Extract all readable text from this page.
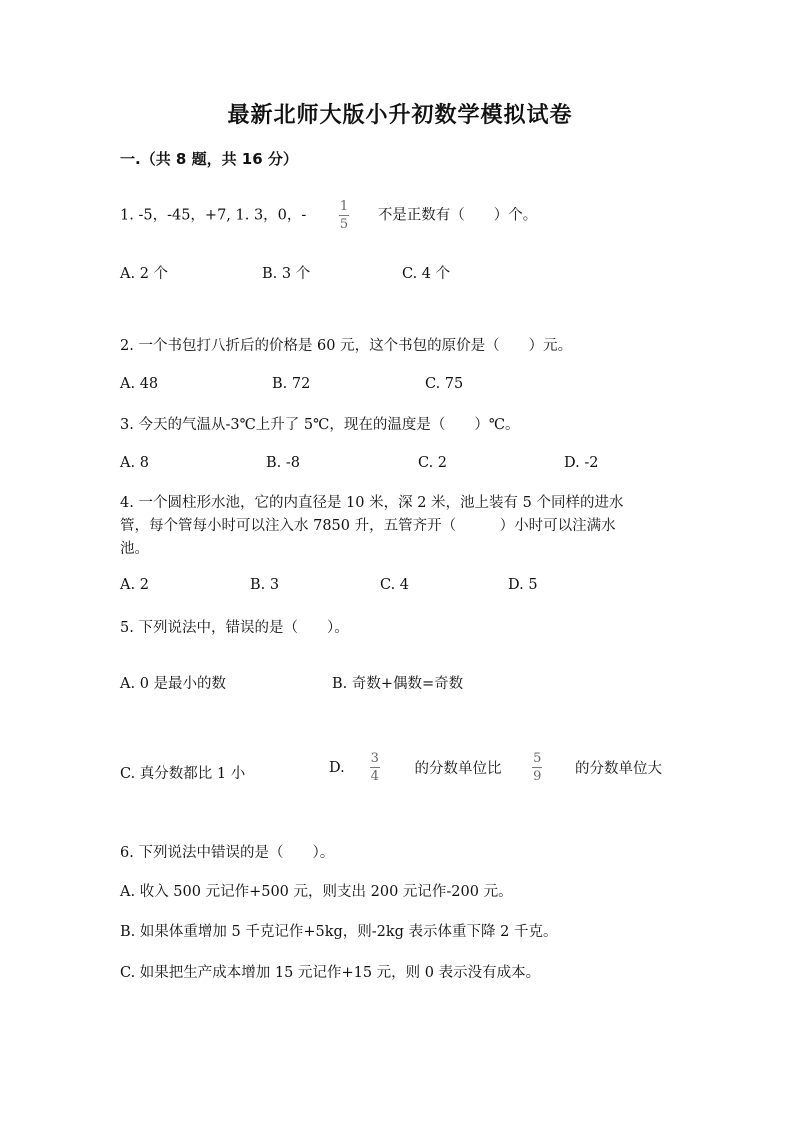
最新北师大版小升初数学模拟试卷
一.（共 8 题，共 16 分）
1. -5，-45，+7, 1. 3，0，- $\frac{1}{5}$ 不是正数有（　　）个。
A. 2 个	B. 3 个	C. 4 个
2. 一个书包打八折后的价格是 60 元，这个书包的原价是（　　）元。
A. 48	B. 72	C. 75
3. 今天的气温从-3℃上升了 5℃，现在的温度是（　　）℃。
A. 8	B. -8	C. 2	D. -2
4. 一个圆柱形水池，它的内直径是 10 米，深 2 米，池上装有 5 个同样的进水
管，每个管每小时可以注入水 7850 升，五管齐开（　　　）小时可以注满水
池。
A. 2	B. 3	C. 4	D. 5
5. 下列说法中，错误的是（　　）。
A. 0 是最小的数	B. 奇数+偶数=奇数
C. 真分数都比 1 小	D. $\frac{3}{4}$ 的分数单位比 $\frac{5}{9}$ 的分数单位大
6. 下列说法中错误的是（　　）。
A. 收入 500 元记作+500 元，则支出 200 元记作-200 元。
B. 如果体重增加 5 千克记作+5kg，则-2kg 表示体重下降 2 千克。
C. 如果把生产成本增加 15 元记作+15 元，则 0 表示没有成本。
